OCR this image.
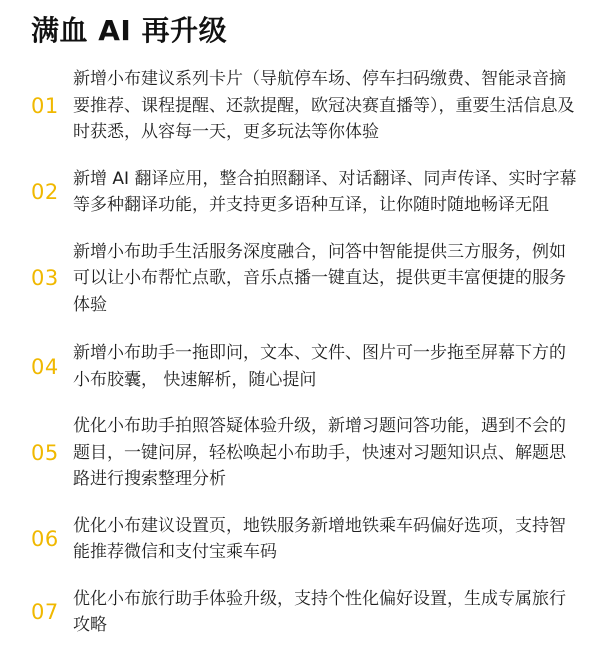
满血 AI 再升级
01
新增小布建议系列卡片（导航停车场、停车扫码缴费、智能录音摘要推荐、课程提醒、还款提醒，欧冠决赛直播等），重要生活信息及时获悉，从容每一天，更多玩法等你体验
02
新增 AI 翻译应用，整合拍照翻译、对话翻译、同声传译、实时字幕等多种翻译功能，并支持更多语种互译，让你随时随地畅译无阻
03
新增小布助手生活服务深度融合，问答中智能提供三方服务，例如可以让小布帮忙点歌，音乐点播一键直达，提供更丰富便捷的服务体验
04
新增小布助手一拖即问，文本、文件、图片可一步拖至屏幕下方的小布胶囊， 快速解析，随心提问
05
优化小布助手拍照答疑体验升级，新增习题问答功能，遇到不会的题目，一键问屏，轻松唤起小布助手，快速对习题知识点、解题思路进行搜索整理分析
06
优化小布建议设置页，地铁服务新增地铁乘车码偏好选项，支持智能推荐微信和支付宝乘车码
07
优化小布旅行助手体验升级，支持个性化偏好设置，生成专属旅行攻略
